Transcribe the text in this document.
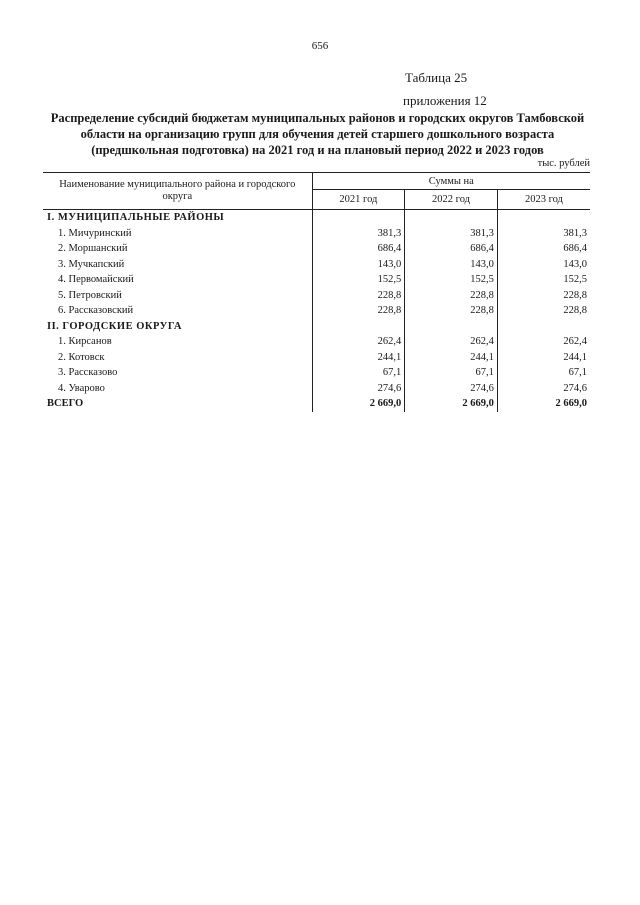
656
Таблица 25
приложения 12
Распределение субсидий бюджетам муниципальных районов и городских округов Тамбовской области на организацию групп для обучения детей старшего дошкольного возраста (предшкольная подготовка) на 2021 год и на плановый период 2022 и 2023 годов
тыс. рублей
Наименование муниципального района и городского округа	Суммы на		
	2021 год	2022 год	2023 год
I. МУНИЦИПАЛЬНЫЕ РАЙОНЫ			
1. Мичуринский	381,3	381,3	381,3
2. Моршанский	686,4	686,4	686,4
3. Мучкапский	143,0	143,0	143,0
4. Первомайский	152,5	152,5	152,5
5. Петровский	228,8	228,8	228,8
6. Рассказовский	228,8	228,8	228,8
II. ГОРОДСКИЕ ОКРУГА			
1. Кирсанов	262,4	262,4	262,4
2. Котовск	244,1	244,1	244,1
3. Рассказово	67,1	67,1	67,1
4. Уварово	274,6	274,6	274,6
ВСЕГО	2 669,0	2 669,0	2 669,0
